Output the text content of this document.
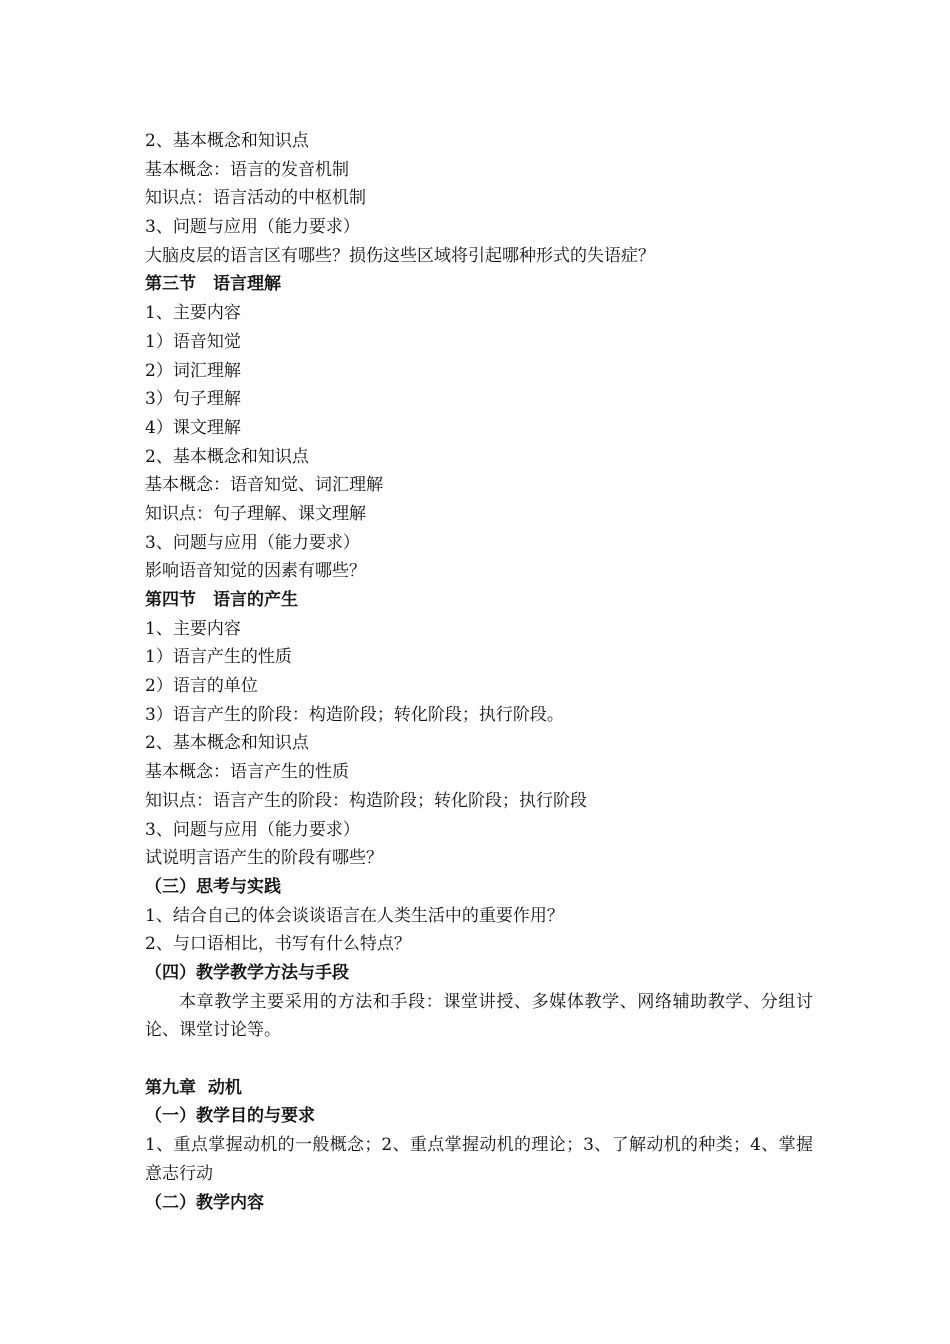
2、基本概念和知识点
基本概念：语言的发音机制
知识点：语言活动的中枢机制
3、问题与应用（能力要求）
大脑皮层的语言区有哪些？损伤这些区域将引起哪种形式的失语症？
第三节　语言理解
1、主要内容
1）语音知觉
2）词汇理解
3）句子理解
4）课文理解
2、基本概念和知识点
基本概念：语音知觉、词汇理解
知识点：句子理解、课文理解
3、问题与应用（能力要求）
影响语音知觉的因素有哪些？
第四节　语言的产生
1、主要内容
1）语言产生的性质
2）语言的单位
3）语言产生的阶段：构造阶段；转化阶段；执行阶段。
2、基本概念和知识点
基本概念：语言产生的性质
知识点：语言产生的阶段：构造阶段；转化阶段；执行阶段
3、问题与应用（能力要求）
试说明言语产生的阶段有哪些？
（三）思考与实践
1、结合自己的体会谈谈语言在人类生活中的重要作用？
2、与口语相比，书写有什么特点？
（四）教学教学方法与手段
本章教学主要采用的方法和手段：课堂讲授、多媒体教学、网络辅助教学、分组讨论、课堂讨论等。
第九章  动机
（一）教学目的与要求
1、重点掌握动机的一般概念；2、重点掌握动机的理论；3、了解动机的种类；4、掌握意志行动
（二）教学内容
